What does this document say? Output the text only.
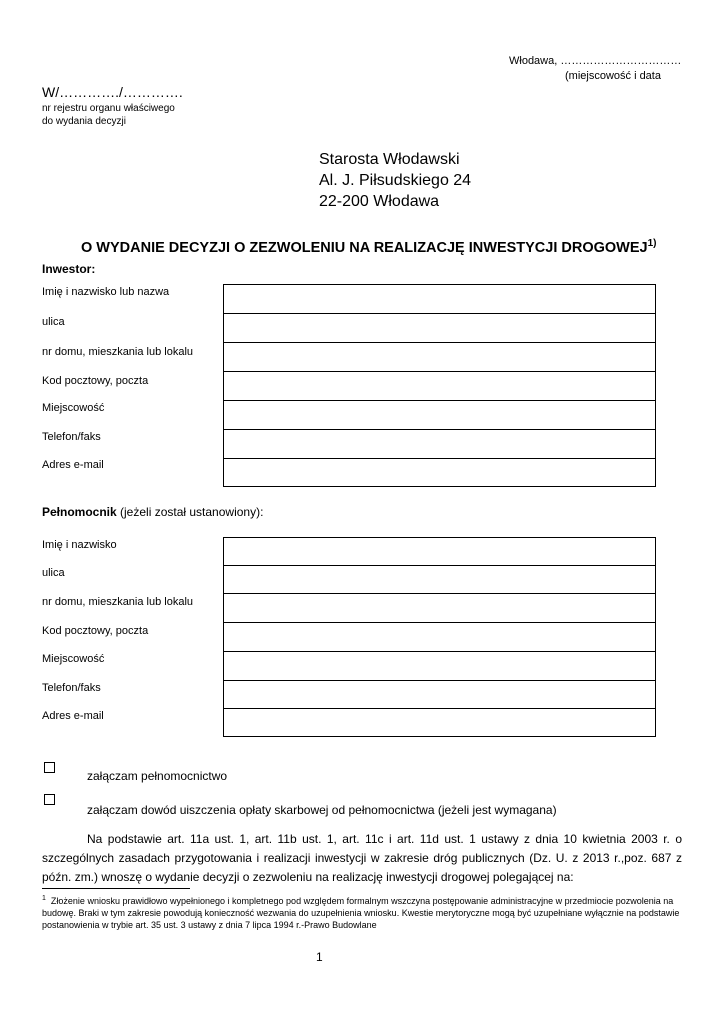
Włodawa, ……………………………
(miejscowość i data
W/…………./………….
nr rejestru organu właściwego
do wydania decyzji
Starosta Włodawski
Al. J. Piłsudskiego 24
22-200 Włodawa
O WYDANIE DECYZJI O ZEZWOLENIU NA REALIZACJĘ INWESTYCJI DROGOWEJ$^{1)}$
Inwestor:
Imię i nazwisko lub nazwa
ulica
nr domu, mieszkania lub lokalu
Kod pocztowy, poczta
Miejscowość
Telefon/faks
Adres e-mail
Pełnomocnik (jeżeli został ustanowiony):
Imię i nazwisko
ulica
nr domu, mieszkania lub lokalu
Kod pocztowy, poczta
Miejscowość
Telefon/faks
Adres e-mail
załączam pełnomocnictwo
załączam dowód uiszczenia opłaty skarbowej od pełnomocnictwa (jeżeli jest wymagana)
Na podstawie art. 11a ust. 1, art. 11b ust. 1, art. 11c i art. 11d ust. 1 ustawy z dnia 10 kwietnia 2003 r. o szczególnych zasadach przygotowania i realizacji inwestycji w zakresie dróg publicznych (Dz. U. z 2013 r.,poz. 687 z późn. zm.) wnoszę o wydanie decyzji o zezwoleniu na realizację inwestycji drogowej polegającej na:
$^1$ Złożenie wniosku prawidłowo wypełnionego i kompletnego pod względem formalnym wszczyna postępowanie administracyjne w przedmiocie pozwolenia na budowę. Braki w tym zakresie powodują konieczność wezwania do uzupełnienia wniosku. Kwestie merytoryczne mogą być uzupełniane wyłącznie na podstawie postanowienia w trybie art. 35 ust. 3 ustawy z dnia 7 lipca 1994 r.-Prawo Budowlane
1
